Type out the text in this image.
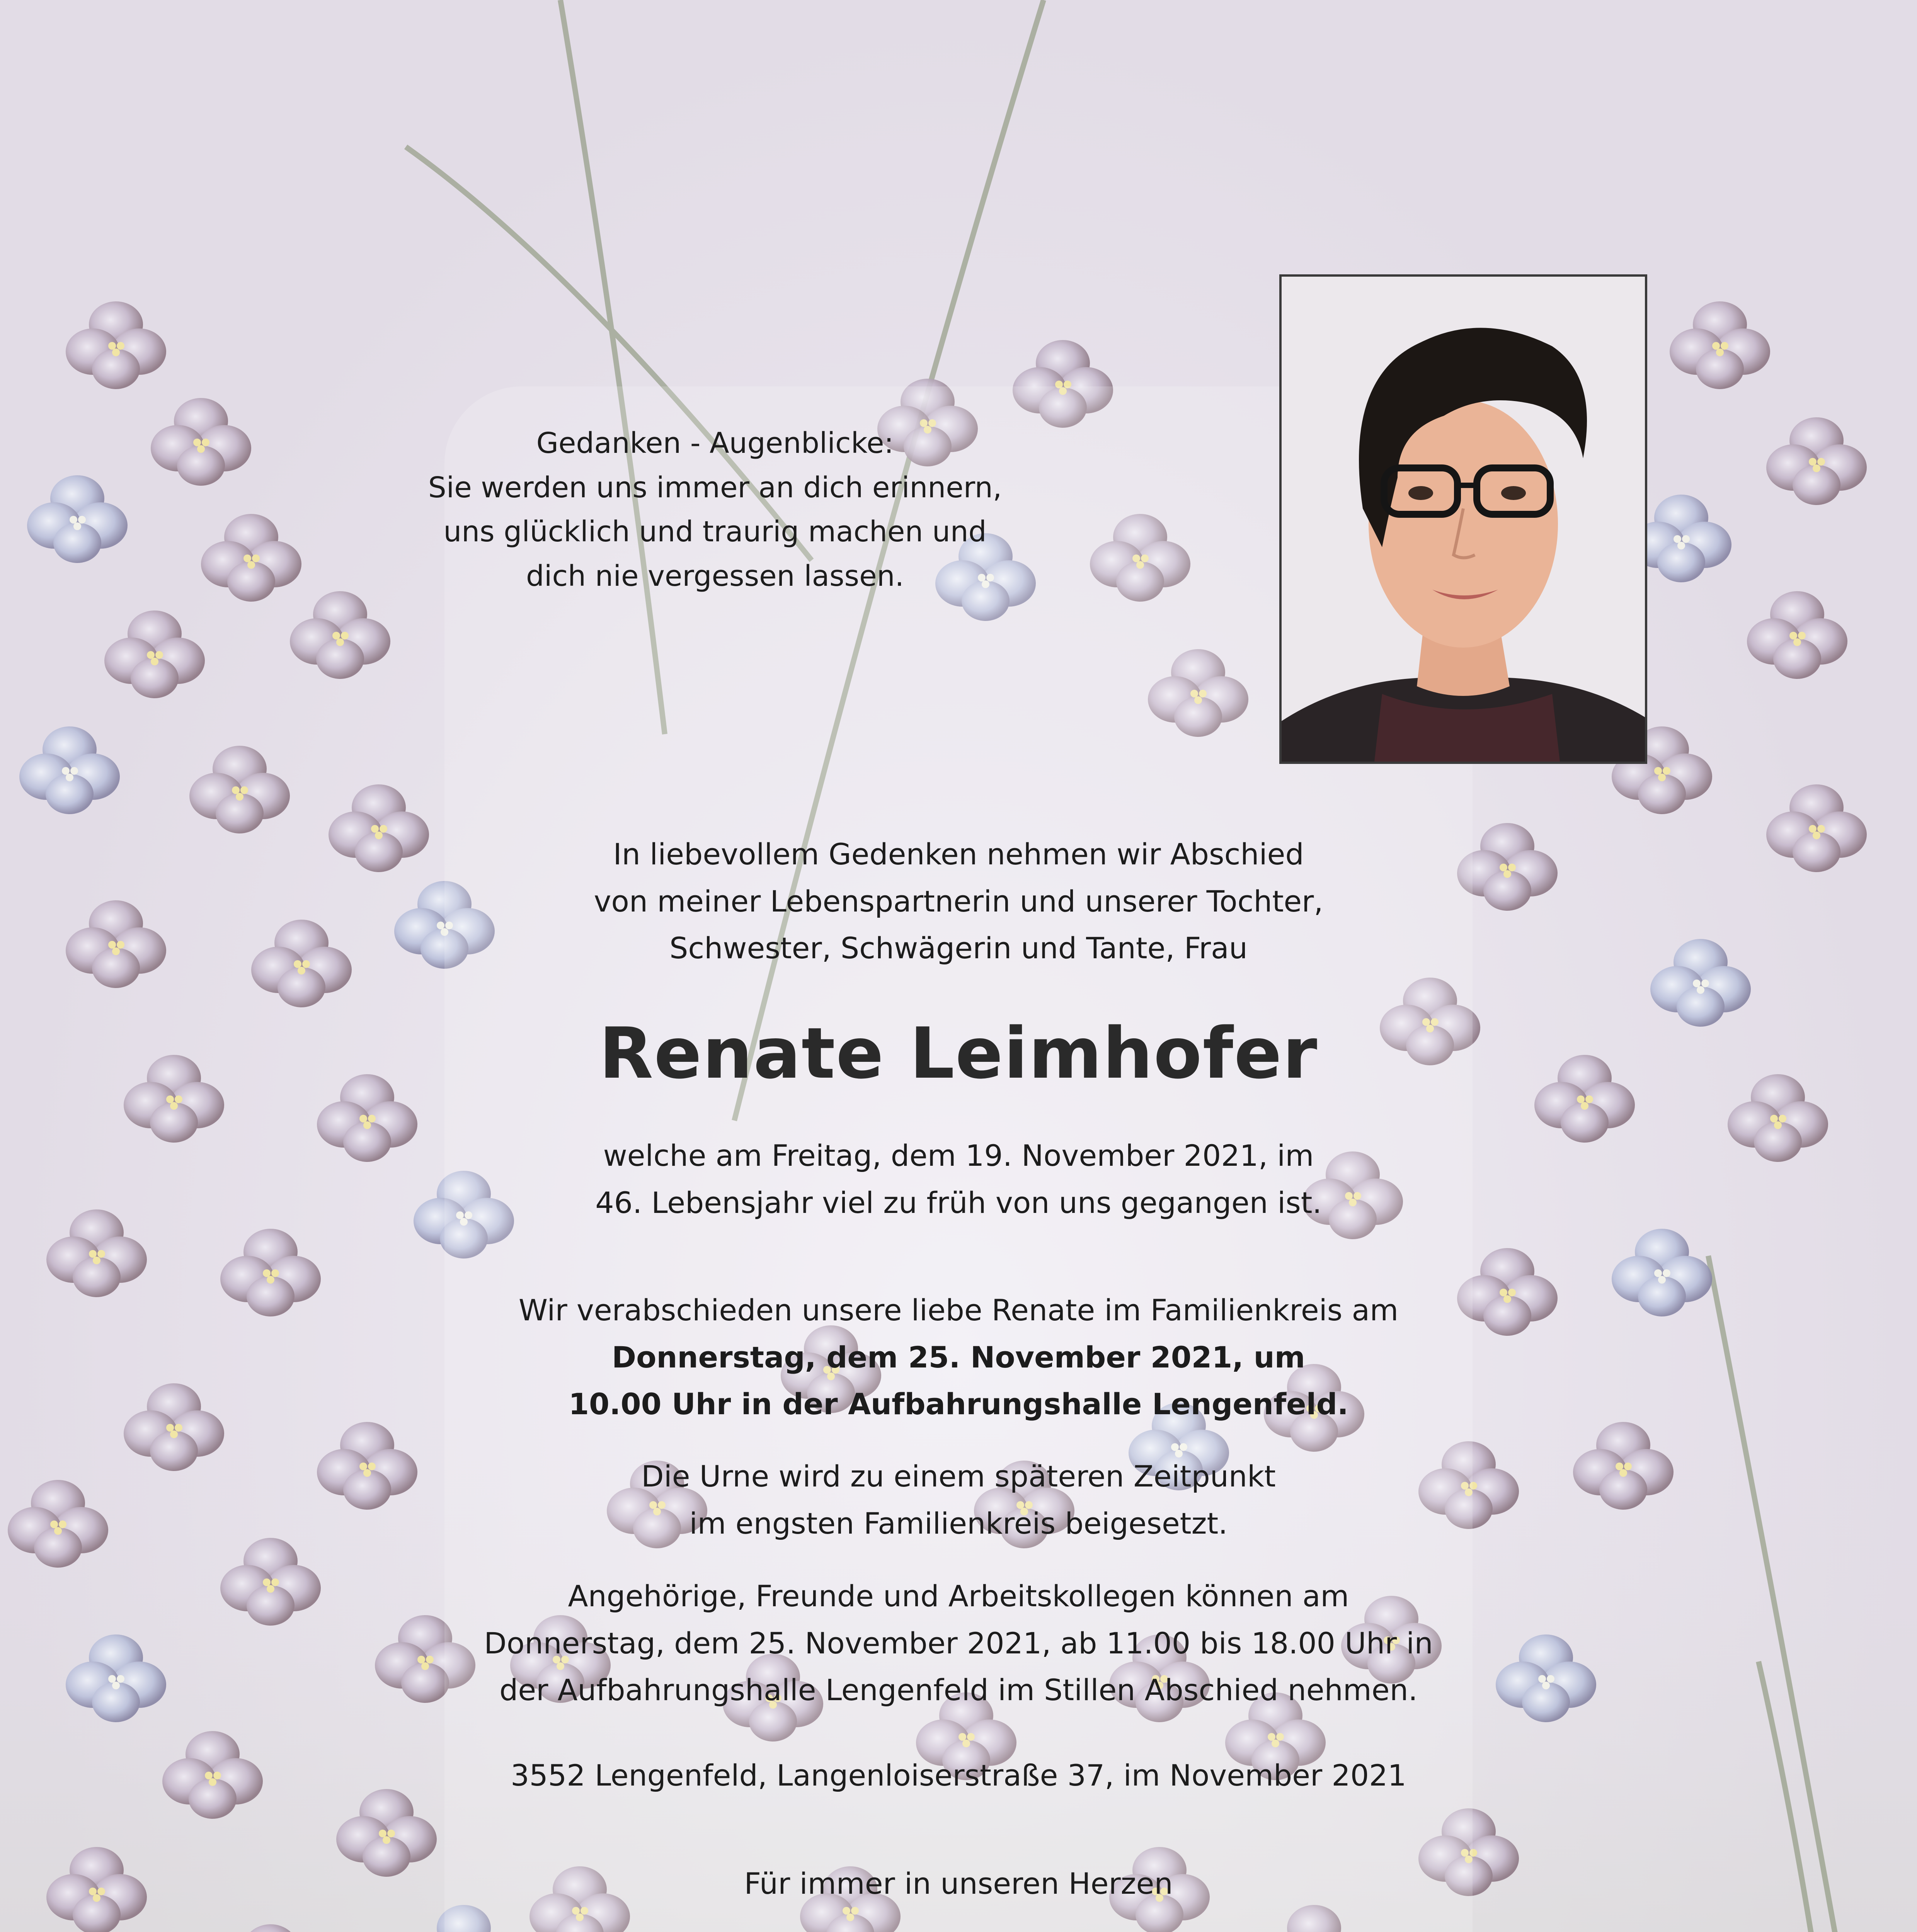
Gedanken - Augenblicke:
Sie werden uns immer an dich erinnern,
uns glücklich und traurig machen und
dich nie vergessen lassen.
In liebevollem Gedenken nehmen wir Abschied
von meiner Lebenspartnerin und unserer Tochter,
Schwester, Schwägerin und Tante, Frau
Renate Leimhofer
welche am Freitag, dem 19. November 2021, im
46. Lebensjahr viel zu früh von uns gegangen ist.
Wir verabschieden unsere liebe Renate im Familienkreis am
Donnerstag, dem 25. November 2021, um
10.00 Uhr in der Aufbahrungshalle Lengenfeld.
Die Urne wird zu einem späteren Zeitpunkt
im engsten Familienkreis beigesetzt.
Angehörige, Freunde und Arbeitskollegen können am
Donnerstag, dem 25. November 2021, ab 11.00 bis 18.00 Uhr in
der Aufbahrungshalle Lengenfeld im Stillen Abschied nehmen.
3552 Lengenfeld, Langenloiserstraße 37, im November 2021
Für immer in unseren Herzen
